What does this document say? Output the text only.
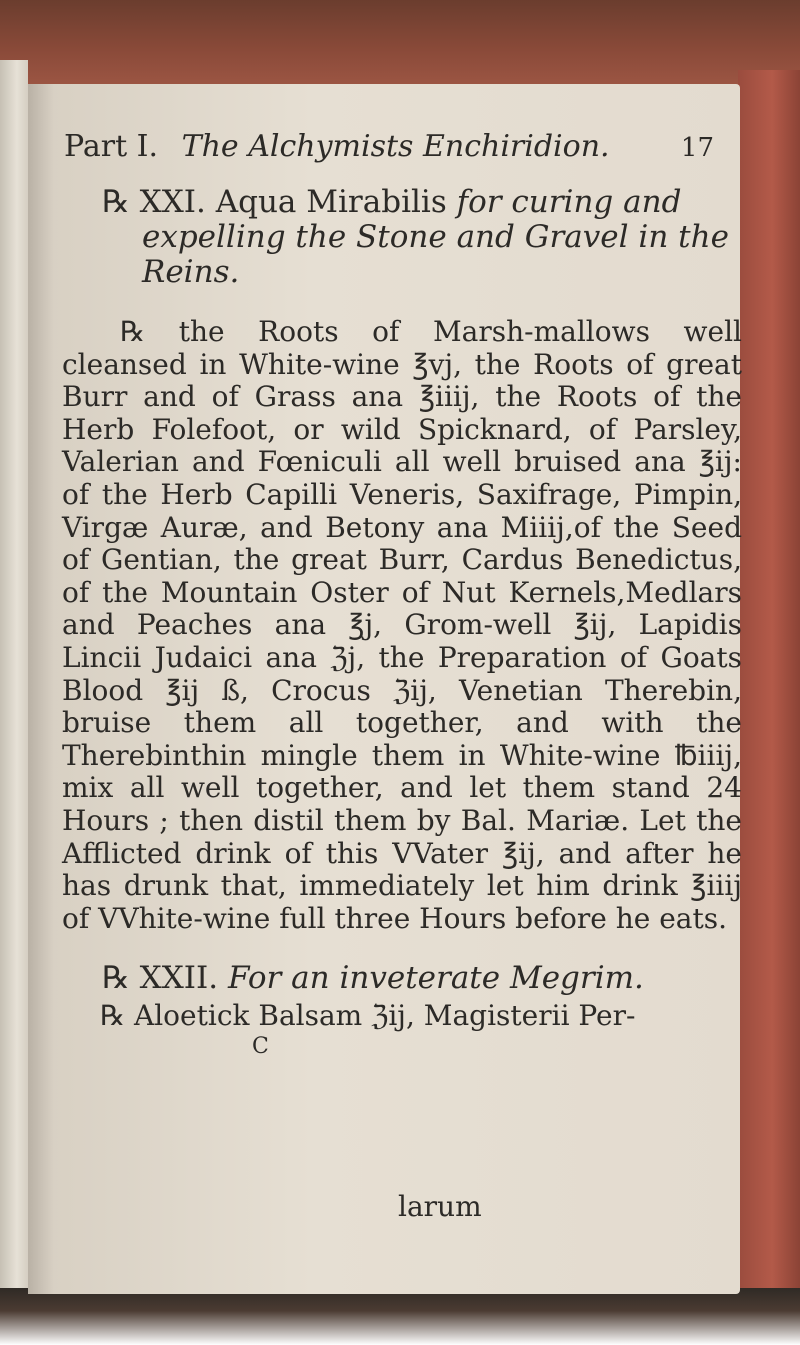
Part I. The Alchymists Enchiridion.	17
℞ XXI. Aqua Mirabilis for curing and
expelling the Stone and Gravel in the
Reins.
℞ the Roots of Marsh-mallows well cleansed in White-wine ℥vj, the Roots of great Burr and of Grass ana ℥iiij, the Roots of the Herb Folefoot, or wild Spicknard, of Parsley, Valerian and Fœniculi all well bruised ana ℥ij: of the Herb Capilli Veneris, Saxifrage, Pimpin, Virgæ Auræ, and Betony ana Miiij,of the Seed of Gentian, the great Burr, Cardus Benedictus, of the Mountain Oster of Nut Kernels,Medlars and Peaches ana ℥j, Grom-well ℥ij, Lapidis Lincii Judaici ana ℨj, the Preparation of Goats Blood ℥ij ß, Crocus ℨij, Venetian Therebin, bruise them all together, and with the Therebinthin mingle them in White-wine ℔iiij, mix all well together, and let them stand 24 Hours ; then distil them by Bal. Mariæ. Let the Afflicted drink of this VVater ℥ij, and after he has drunk that, immediately let him drink ℥iiij of VVhite-wine full three Hours before he eats.
℞ XXII. For an inveterate Megrim.
℞ Aloetick Balsam ℨij, Magisterii Per-
C
larum
